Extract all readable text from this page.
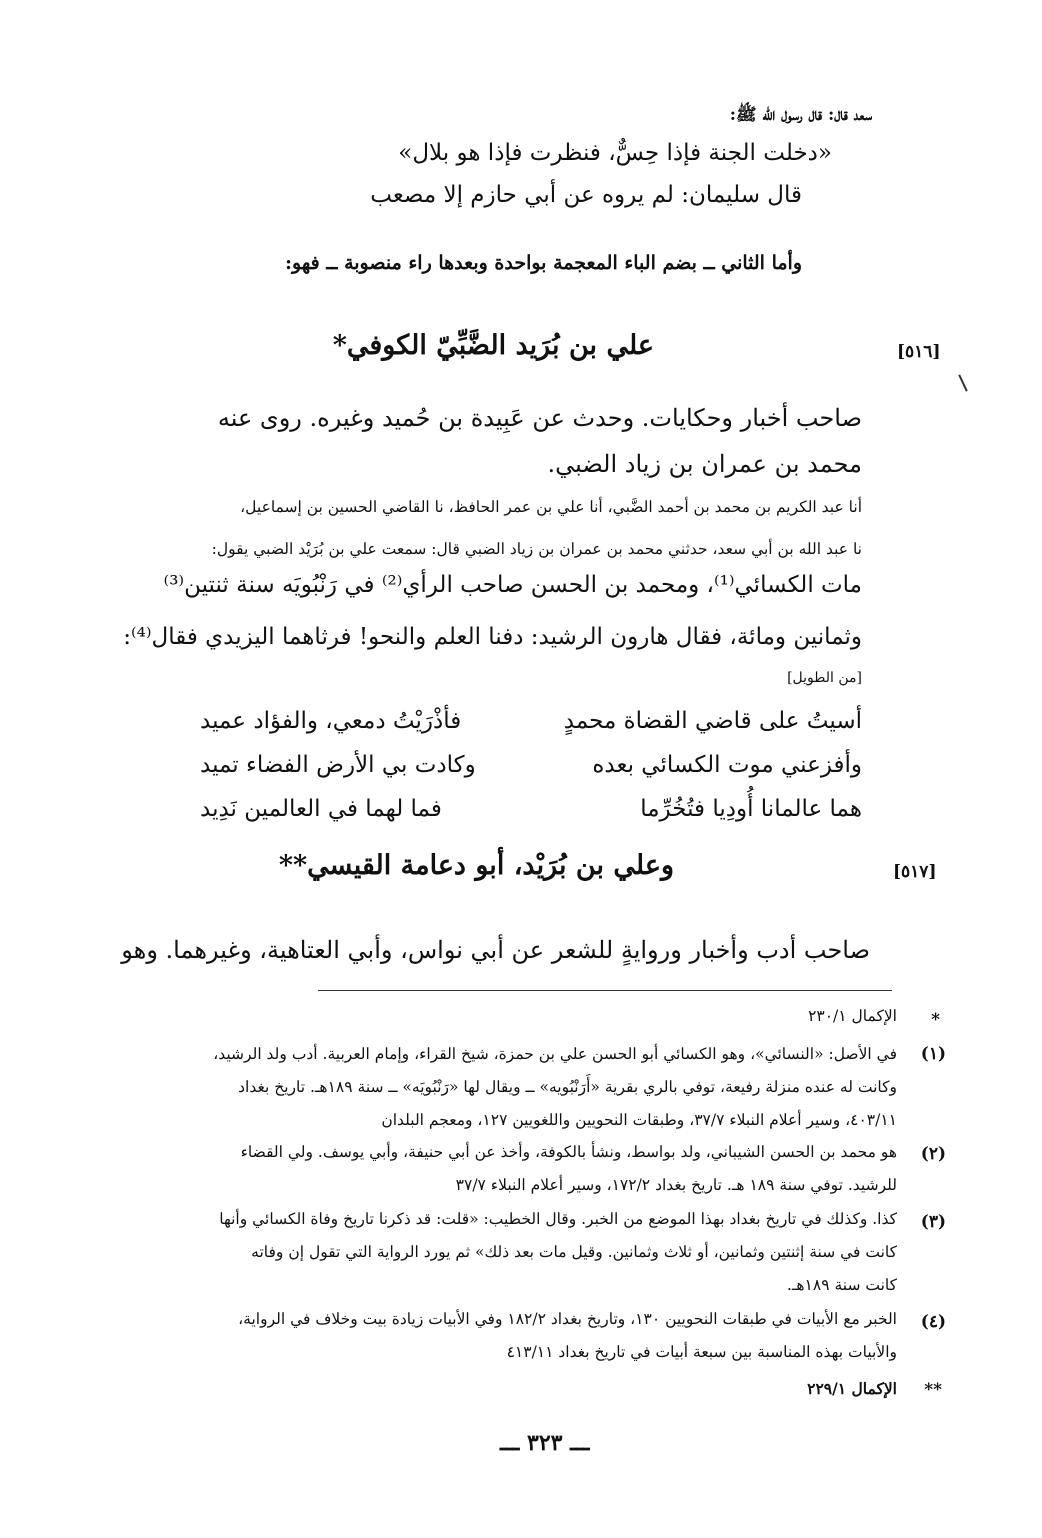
سعد قال: قال رسول الله ﷺ:
«دخلت الجنة فإذا حِسٌّ، فنظرت فإذا هو بلال»
قال سليمان: لم يروه عن أبي حازم إلا مصعب
وأما الثاني ــ بضم الباء المعجمة بواحدة وبعدها راء منصوبة ــ فهو:
[٥١٦]
علي بن بُرَيد الضَّبِّيّ الكوفي*
صاحب أخبار وحكايات. وحدث عن عَبِيدة بن حُميد وغيره. روى عنه
محمد بن عمران بن زياد الضبي.
أنا عبد الكريم بن محمد بن أحمد الضَّبي، أنا علي بن عمر الحافظ، نا القاضي الحسين بن إسماعيل،
نا عبد الله بن أبي سعد، حدثني محمد بن عمران بن زياد الضبي قال: سمعت علي بن بُرَيْد الضبي يقول:
مات الكسائي⁽¹⁾، ومحمد بن الحسن صاحب الرأي⁽²⁾ في رَنْبُويَه سنة ثنتين⁽³⁾
وثمانين ومائة، فقال هارون الرشيد: دفنا العلم والنحو! فرثاهما اليزيدي فقال⁽⁴⁾:
[من الطويل]
أسيتُ على قاضي القضاة محمدٍ
فأذْرَيْتُ دمعي، والفؤاد عميد
وأفزعني موت الكسائي بعده
وكادت بي الأرض الفضاء تميد
هما عالمانا أُودِيا فتُخُرِّما
فما لهما في العالمين نَدِيد
[٥١٧]
وعلي بن بُرَيْد، أبو دعامة القيسي**
صاحب أدب وأخبار وروايةٍ للشعر عن أبي نواس، وأبي العتاهية، وغيرهما. وهو
*
الإكمال ٢٣٠/١
(١)
في الأصل: «النسائي»، وهو الكسائي أبو الحسن علي بن حمزة، شيخ القراء، وإمام العربية. أدب ولد الرشيد،
وكانت له عنده منزلة رفيعة، توفي بالري بقرية «أَرَنْبُويه» ــ ويقال لها «رَنْبُويَه» ــ سنة ١٨٩هـ. تاريخ بغداد
٤٠٣/١١، وسير أعلام النبلاء ٣٧/٧، وطبقات النحويين واللغويين ١٢٧، ومعجم البلدان
(٢)
هو محمد بن الحسن الشيباني، ولد بواسط، ونشأ بالكوفة، وأخذ عن أبي حنيفة، وأبي يوسف. ولي القضاء
للرشيد. توفي سنة ١٨٩ هـ. تاريخ بغداد ١٧٢/٢، وسير أعلام النبلاء ٣٧/٧
(٣)
كذا. وكذلك في تاريخ بغداد بهذا الموضع من الخبر. وقال الخطيب: «قلت: قد ذكرنا تاريخ وفاة الكسائي وأنها
كانت في سنة إثنتين وثمانين، أو ثلاث وثمانين. وقيل مات بعد ذلك» ثم يورد الرواية التي تقول إن وفاته
كانت سنة ١٨٩هـ.
(٤)
الخبر مع الأبيات في طبقات النحويين ١٣٠، وتاريخ بغداد ١٨٢/٢ وفي الأبيات زيادة بيت وخلاف في الرواية،
والأبيات بهذه المناسبة بين سبعة أبيات في تاريخ بغداد ٤١٣/١١
**
الإكمال ٢٢٩/١
ـــ ٣٢٣ ـــ
